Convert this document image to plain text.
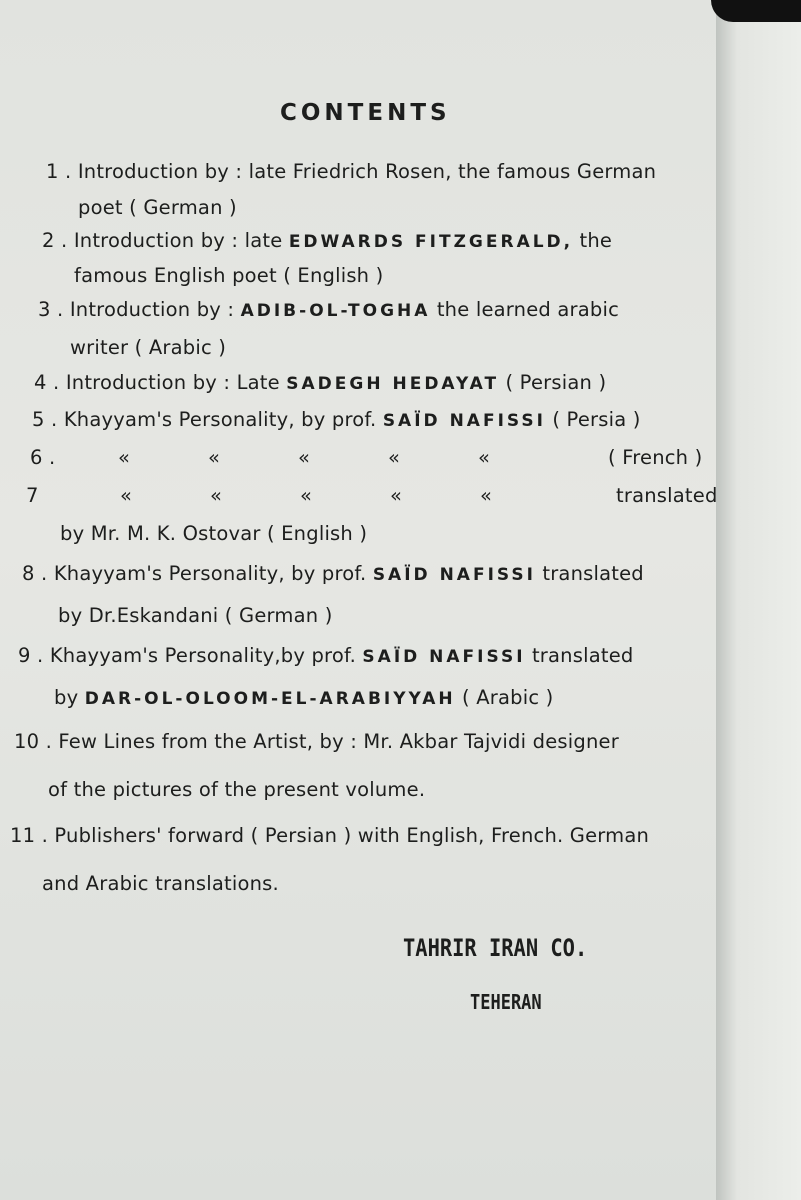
CONTENTS
1 . Introduction by : late Friedrich Rosen, the famous German
poet ( German )
2 . Introduction by : late EDWARDS FITZGERALD, the
famous English poet ( English )
3 . Introduction by : ADIB-OL-TOGHA the learned arabic
writer ( Arabic )
4 . Introduction by : Late SADEGH HEDAYAT ( Persian )
5 . Khayyam's Personality, by prof. SAÏD NAFISSI ( Persia )
6 .	«	«	«	«	«	( French )
7	«	«	«	«	«	translated
by Mr. M. K. Ostovar ( English )
8 . Khayyam's Personality, by prof. SAÏD NAFISSI translated
by Dr.Eskandani ( German )
9 . Khayyam's Personality,by prof. SAÏD NAFISSI translated
by DAR-OL-OLOOM-EL-ARABIYYAH ( Arabic )
10 . Few Lines from the Artist, by : Mr. Akbar Tajvidi designer
of the pictures of the present volume.
11 . Publishers' forward ( Persian ) with English, French. German
and Arabic translations.
TAHRIR IRAN CO.
TEHERAN
